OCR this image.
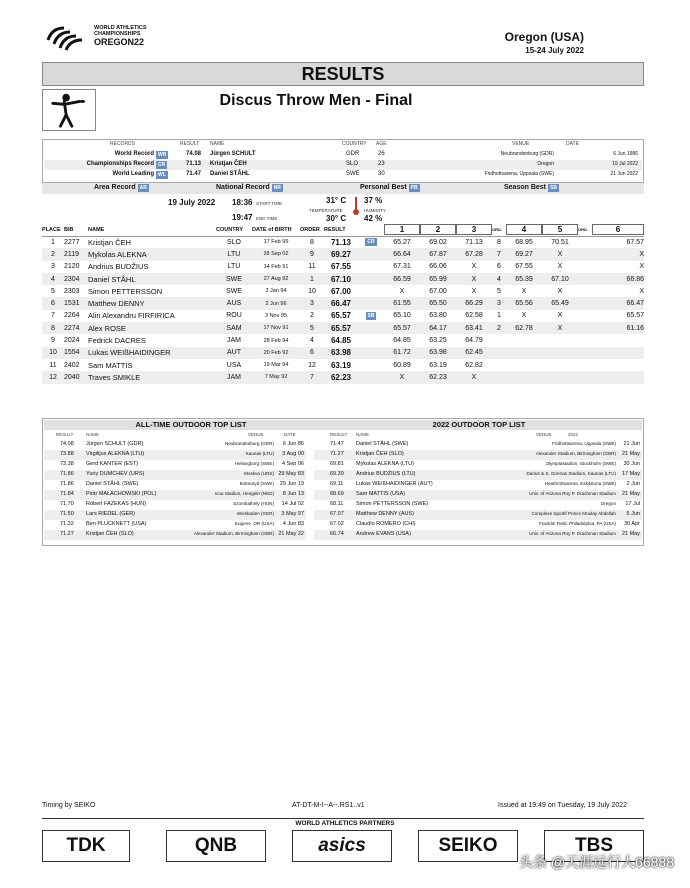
WORLD ATHLETICS
CHAMPIONSHIPS
OREGON22	Oregon (USA)
15-24 July 2022
RESULTS
Discus Throw Men - Final
RECORDS	RESULT NAME	COUNTRY AGE	VENUE	DATE
World Record WR	74.08 Jürgen SCHULT	GDR	26	Neubrandenburg (GDR)	6 Jun 1986
Championships Record CR	71.13 Kristjan ČEH	SLO	23	Oregon	19 Jul 2022
World Leading WL	71.47 Daniel STÅHL	SWE	30	Fridhottsarena, Uppsala (SWE)	21 Jun 2022
Area Record AR	National Record NR	Personal Best PB	Season Best SB
19 July 2022 18:36 START TIME
19:47 END TIME
31° C
TEMPERATURE
30° C
37 %
HUMIDITY
42 %
PLACE	BIB	NAME	COUNTRY	DATE of BIRTH	ORDER	RESULT		1	2	3	ORD.	4	5	ORD.	6
1	2277	Kristjan ČEH	SLO	17 Feb 99	8	71.13	CR	65.27	69.02	71.13	8	68.95	70.51		67.57
2	2119	Mykolas ALEKNA	LTU	28 Sep 02	9	69.27		66.64	67.87	67.28	7	69.27	X		X
3	2120	Andrius BUDŽIUS	LTU	14 Feb 91	11	67.55		67.31	66.06	X	6	67.55	X		X
4	2304	Daniel STÅHL	SWE	27 Aug 92	1	67.10		66.59	65.99	X	4	65.39	67.10		66.86
5	2303	Simon PETTERSSON	SWE	3 Jan 94	10	67.00		X	67.00	X	5	X	X		X
6	1531	Matthew DENNY	AUS	2 Jun 96	3	66.47		61.55	65.50	66.29	3	65.56	65.49		66.47
7	2264	Alin Alexandru FIRFIRICA	ROU	3 Nov 95	2	65.57	SB	65.10	63.80	62.58	1	X	X		65.57
8	2274	Alex ROSE	SAM	17 Nov 91	5	65.57		65.57	64.17	63.41	2	62.78	X		61.16
9	2024	Fedrick DACRES	JAM	28 Feb 94	4	64.85		64.85	63.25	64.79					
10	1554	Lukas WEIßHAIDINGER	AUT	20 Feb 92	6	63.98		61.72	63.98	62.45					
11	2402	Sam MATTIS	USA	19 Mar 94	12	63.19		60.89	63.19	62.82					
12	2040	Traves SMIKLE	JAM	7 May 92	7	62.23		X	62.23	X					
ALL-TIME OUTDOOR TOP LIST	2022 OUTDOOR TOP LIST
RESULT	NAME	VENUE	DATE	RESULT NAME	VENUE	2022
74.08 Jürgen SCHULT (GDR)	Neubrandenburg (GDR) 6 Jun 86
73.88 Virgilijus ALEKNA (LTU)	Kaunas (LTU) 3 Aug 00
73.38 Gerd KANTER (EST)	Helsingborg (SWE) 4 Sep 06
71.86 Yuriy DUMCHEV (URS)	Moskva (URS) 29 May 83
71.86 Daniel STÅHL (SWE)	Bottnaryd (SWE) 29 Jun 19
71.84 Piotr MAŁACHOWSKI (POL)	Icoa Stadion, Hengelo (NED) 8 Jun 13
71.70 Róbert FAZEKAS (HUN)	Szombathely (HUN) 14 Jul 02
71.50 Lars RIEDEL (GER)	Wiesbaden (GER) 3 May 97
71.32 Ben PLUCKNETT (USA)	Eugene, OR (USA) 4 Jun 83
71.27 Kristjan ČEH (SLO)	Alexander Stadium, Birmingham (GBR) 21 May 22
71.47 Daniel STÅHL (SWE)	Fridhottsarena, Uppsala (SWE) 21 Jun
71.27 Kristjan ČEH (SLO)	Alexander Stadium, Birmingham (GBR) 21 May
69.81 Mykolas ALEKNA (LTU)	Olympiastadion, Stockholm (SWE) 30 Jun
69.39 Andrius BUDŽIUS (LTU)	Darius & S. Girenas Stadium, Kaunas (LTU) 17 May
69.11 Lukas WEIßHAIDINGER (AUT)	Heathrottsarena, Eskilstuna (SWE) 2 Jun
68.69 Sam MATTIS (USA)	Univ. of Arizona Roy P. Drachman Stadium 21 May
68.11 Simon PETTERSSON (SWE)	Oregon 17 Jul
67.07 Matthew DENNY (AUS)	Complexe Sportif Prince Moulay Abdellah 5 Jun
67.02 Claudio ROMERO (CHI)	Franklin Field, Philadelphia, PA (USA) 30 Apr
66.74 Andrew EVANS (USA)	Univ. of Arizona Roy P. Drachman Stadium 21 May
Timing by SEIKO	AT-DT-M-I--A--.RS1..v1	Issued at 19:49 on Tuesday, 19 July 2022
WORLD ATHLETICS PARTNERS
TDK	QNB	asics	SEIKO	TBS
头条 @天涯远行人66888
